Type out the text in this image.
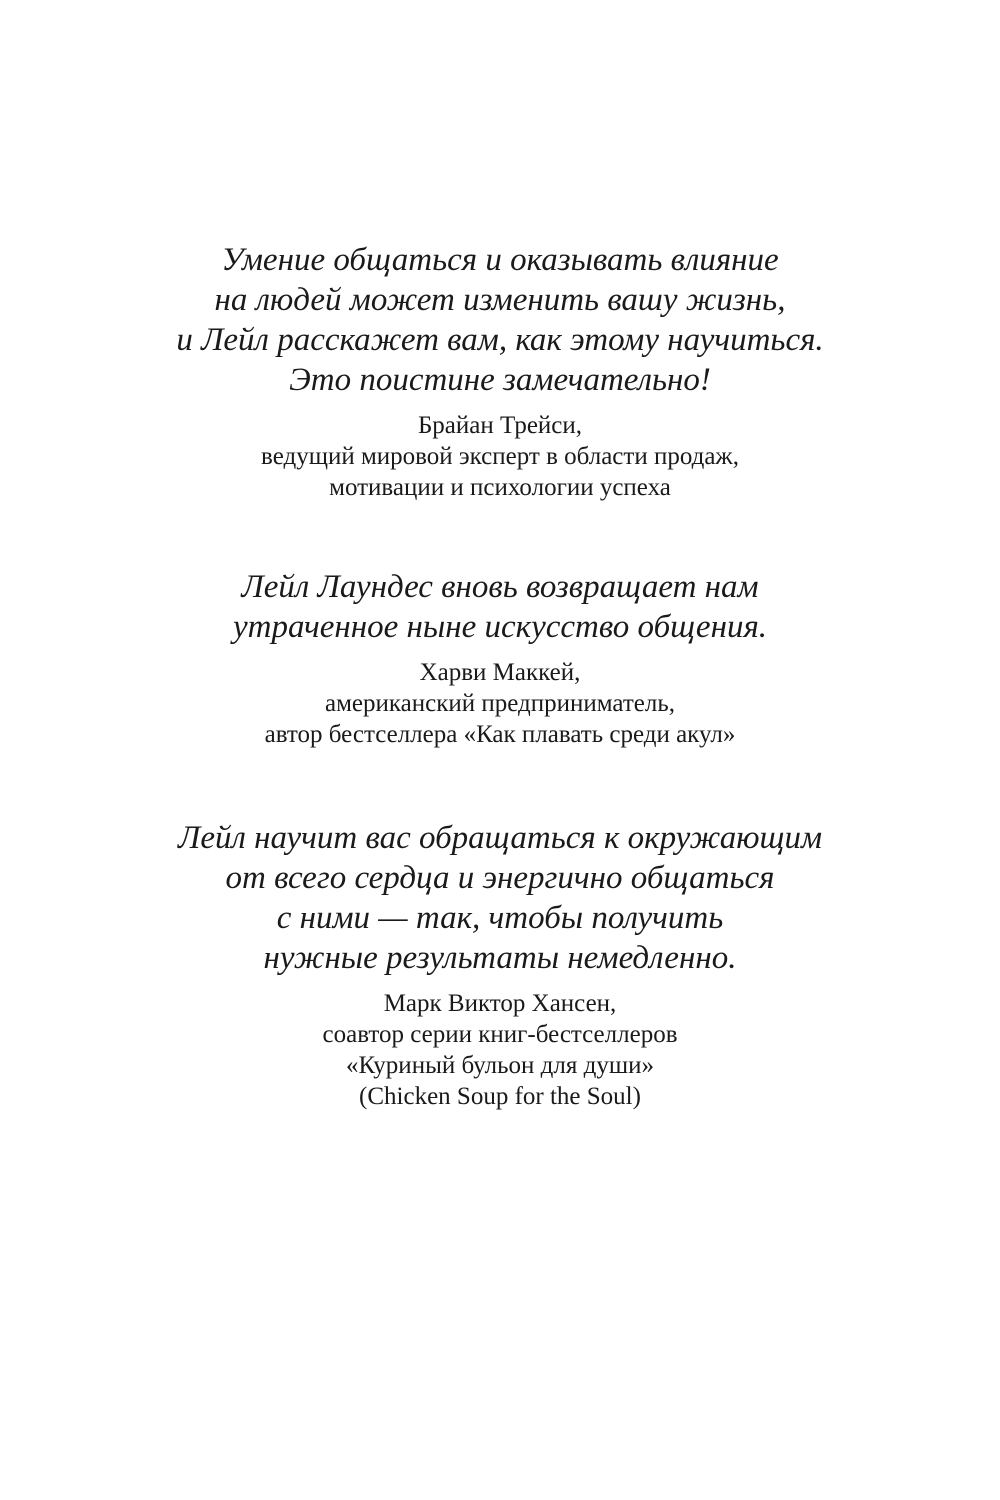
Умение общаться и оказывать влияние
на людей может изменить вашу жизнь,
и Лейл расскажет вам, как этому научиться.
Это поистине замечательно!
Брайан Трейси,
ведущий мировой эксперт в области продаж,
мотивации и психологии успеха
Лейл Лаундес вновь возвращает нам
утраченное ныне искусство общения.
Харви Маккей,
американский предприниматель,
автор бестселлера «Как плавать среди акул»
Лейл научит вас обращаться к окружающим
от всего сердца и энергично общаться
с ними — так, чтобы получить
нужные результаты немедленно.
Марк Виктор Хансен,
соавтор серии книг-бестселлеров
«Куриный бульон для души»
(Chicken Soup for the Soul)
